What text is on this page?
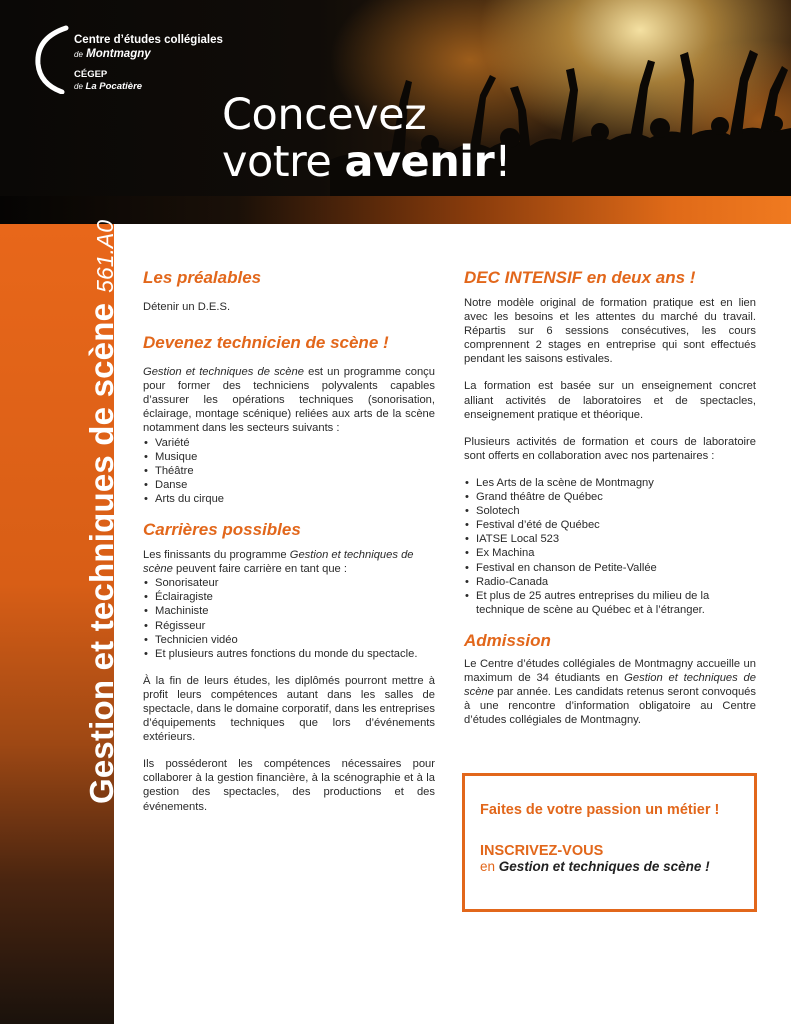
Centre d’études collégiales
de Montmagny
CÉGEP
de La Pocatière
Concevez
votre avenir!
Gestion et techniques de scène561.A0 Les préalables

Détenir un D.E.S.

Devenez technicien de scène !

Gestion et techniques de scène est un programme conçu pour former des techniciens polyvalents capables d’assurer les opérations techniques (sonorisation, éclairage, montage scénique) reliées aux arts de la scène notamment dans les secteurs suivants :

• Variété
• Musique
• Théâtre
• Danse
• Arts du cirque
Carrières possibles

Les finissants du programme Gestion et techniques de scène peuvent faire carrière en tant que :

• Sonorisateur
• Éclairagiste
• Machiniste
• Régisseur
• Technicien vidéo
• Et plusieurs autres fonctions du monde du spectacle.

À la fin de leurs études, les diplômés pourront mettre à profit leurs compétences autant dans les salles de spectacle, dans le domaine corporatif, dans les entreprises d’équipements techniques que lors d’événements extérieurs.

Ils posséderont les compétences nécessaires pour collaborer à la gestion financière, à la scénographie et à la gestion des spectacles, des productions et des événements.

DEC INTENSIF en deux ans !

Notre modèle original de formation pratique est en lien avec les besoins et les attentes du marché du travail. Répartis sur 6 sessions consécutives, les cours comprennent 2 stages en entreprise qui sont effectués pendant les saisons estivales.

La formation est basée sur un enseignement concret alliant activités de laboratoires et de spectacles, enseignement pratique et théorique.

Plusieurs activités de formation et cours de laboratoire sont offerts en collaboration avec nos partenaires :

• Les Arts de la scène de Montmagny
• Grand théâtre de Québec
• Solotech
• Festival d’été de Québec
• IATSE Local 523
• Ex Machina
• Festival en chanson de Petite-Vallée
• Radio-Canada
• Et plus de 25 autres entreprises du milieu de la technique de scène au Québec et à l’étranger.
Admission

Le Centre d’études collégiales de Montmagny accueille un maximum de 34 étudiants en Gestion et techniques de scène par année. Les candidats retenus seront convoqués à une rencontre d’information obligatoire au Centre d’études collégiales de Montmagny.

Faites de votre passion un métier !
INSCRIVEZ-VOUS
en Gestion et techniques de scène !
